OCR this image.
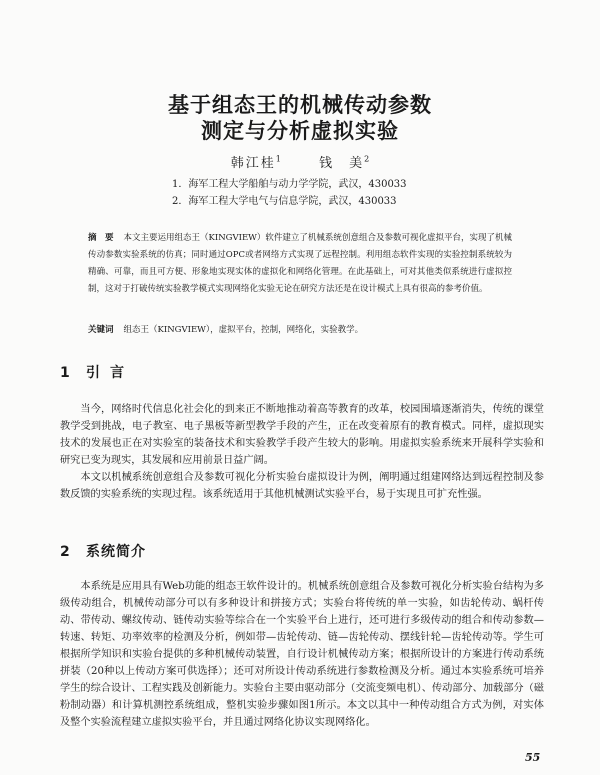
基于组态王的机械传动参数
测定与分析虚拟实验
韩江桂$^1$	钱　美$^2$
1．海军工程大学船舶与动力学学院，武汉，430033
2．海军工程大学电气与信息学院，武汉，430033

摘　要 本文主要运用组态王（KINGVIEW）软件建立了机械系统创意组合及参数可视化虚拟平台，实现了机械传动参数实验系统的仿真；同时通过OPC或者网络方式实现了远程控制。利用组态软件实现的实验控制系统较为精确、可靠，而且可方便、形象地实现实体的虚拟化和网络化管理。在此基础上，可对其他类似系统进行虚拟控制，这对于打破传统实验教学模式实现网络化实验无论在研究方法还是在设计模式上具有很高的参考价值。

关键词 组态王（KINGVIEW），虚拟平台，控制，网络化，实验教学。

1 引言

当今，网络时代信息化社会化的到来正不断地推动着高等教育的改革，校园围墙逐渐消失，传统的课堂教学受到挑战，电子教室、电子黑板等新型教学手段的产生，正在改变着原有的教育模式。同样，虚拟现实技术的发展也正在对实验室的装备技术和实验教学手段产生较大的影响。用虚拟实验系统来开展科学实验和研究已变为现实，其发展和应用前景日益广阔。

本文以机械系统创意组合及参数可视化分析实验台虚拟设计为例，阐明通过组建网络达到远程控制及参数反馈的实验系统的实现过程。该系统适用于其他机械测试实验平台，易于实现且可扩充性强。

2 系统简介

本系统是应用具有Web功能的组态王软件设计的。机械系统创意组合及参数可视化分析实验台结构为多级传动组合，机械传动部分可以有多种设计和拼接方式；实验台将传统的单一实验，如齿轮传动、蜗杆传动、带传动、螺纹传动、链传动实验等综合在一个实验平台上进行，还可进行多级传动的组合和传动参数—转速、转矩、功率效率的检测及分析，例如带—齿轮传动、链—齿轮传动、摆线针轮—齿轮传动等。学生可根据所学知识和实验台提供的多种机械传动装置，自行设计机械传动方案；根据所设计的方案进行传动系统拼装（20种以上传动方案可供选择）；还可对所设计传动系统进行参数检测及分析。通过本实验系统可培养学生的综合设计、工程实践及创新能力。实验台主要由驱动部分（交流变频电机）、传动部分、加载部分（磁粉制动器）和计算机测控系统组成，整机实验步骤如图1所示。本文以其中一种传动组合方式为例，对实体及整个实验流程建立虚拟实验平台，并且通过网络化协议实现网络化。

55
